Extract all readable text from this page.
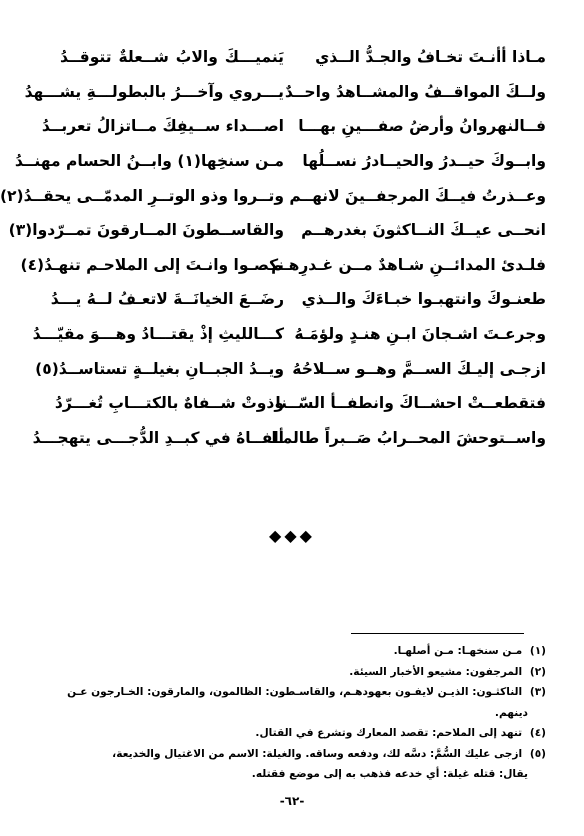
مـاذا أأنـتَ تخـافُ والجـدُّ الــذي
يَنميـــكَ والابُ شــعلةٌ تتوقــدُ
ولــكَ المواقــفُ والمشــاهدُ واحــدٌ
يـــروي وآخـــرُ بالبطولـــةِ يشـــهدُ
فــالنهروانُ وأرضُ صفـــينِ بهـــا
اصـــداء ســيفِكَ مــاتزالُ تعربــدُ
وابــوكَ حيــدرُ والحيــادرُ نســلُها
مـن سنخِها(١) وابــنُ الحسام مهنــدُ
وعــذرتُ فيــكَ المرجفــينَ لانهــم
وتــروا وذو الوتــرِ المدمّــى يحقــدُ(٢)
انحــى عيــكَ النــاكثونَ بغدرهــم
والقاســطونَ المــارقونَ تمــرّدوا(٣)
فلـدئ المدائــنِ شـاهدٌ مــن غـدرِهـم
نكصـوا وانـتَ إلى الملاحـم تنهـدُ(٤)
طعنـوكَ وانتهبـوا خبـاءَكَ والــذي
رضَــعَ الخيانَــةَ لاتعـفُ لــهُ يـــدُ
وجرعـتَ اشـجانَ ابـنِ هنـدٍ ولؤمَـهُ
كـــالليثِ إذْ يقتـــادُ وهـــوَ مقيّـــدُ
ازجـى إليـكَ الســمَّ وهــو ســلاحُهُ
ويــدُ الجبــانِ بغيلــةٍ تستاســدُ(٥)
فتقطعــتْ احشــاكَ وانطفــأ السّــنا
وذوتْ شــفاهٌ بالكتـــابِ تُغـــرّدُ
واســتوحشَ المحــرابُ صَــبراً طالمـا
ألفــاهُ في كبــدِ الدُّجـــى يتهجـــدُ
◆◆◆
(١) مـن سنخهـا: مـن أصلهـا.
(٢) المرجفون: مشيعو الأخبار السيئة.
(٣) الناكثـون: الذيـن لايفـون بعهودهـم، والقاسـطون: الظالمون، والمارقون: الخـارجون عـن
دينهم.
(٤) تنهد إلى الملاحم: تقصد المعارك وتشرع في القتال.
(٥) ازجى عليك السُّمَّ: دسَّه لك، ودفعه وساقه. والغيلة: الاسم من الاغتيال والخديعة،
يقال: قتله غيلة: أي خدعه فذهب به إلى موضع فقتله.
-٦٢-
